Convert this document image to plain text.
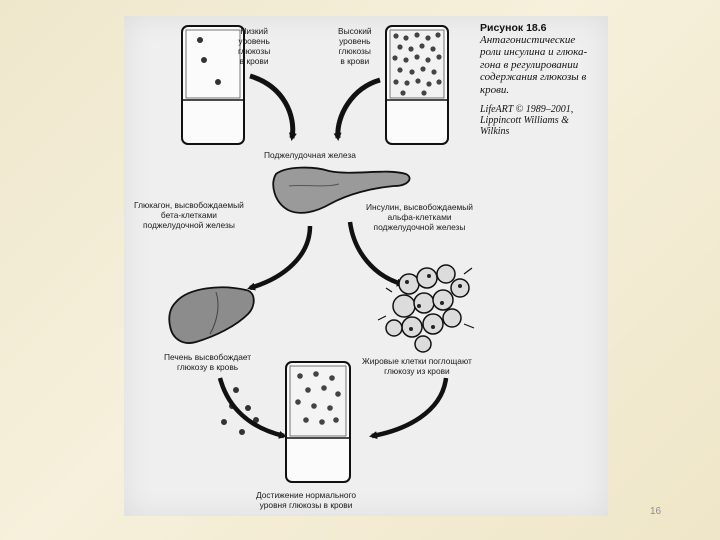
Низкий
уровень
глюкозы
в крови
Высокий
уровень
глюкозы
в крови
Поджелудочная железа
Глюкагон, высвобождаемый
бета-клетками
поджелудочной железы
Инсулин, высвобождаемый
альфа-клетками
поджелудочной железы
Печень высвобождает
глюкозу в кровь
Жировые клетки поглощают
глюкозу из крови
Достижение нормального
уровня глюкозы в крови
Рисунок 18.6
Антагонистические
роли инсулина и глюка-
гона в регулировании
содержания глюкозы в
крови.
LifeART © 1989–2001,
Lippincott Williams &
Wilkins
16
